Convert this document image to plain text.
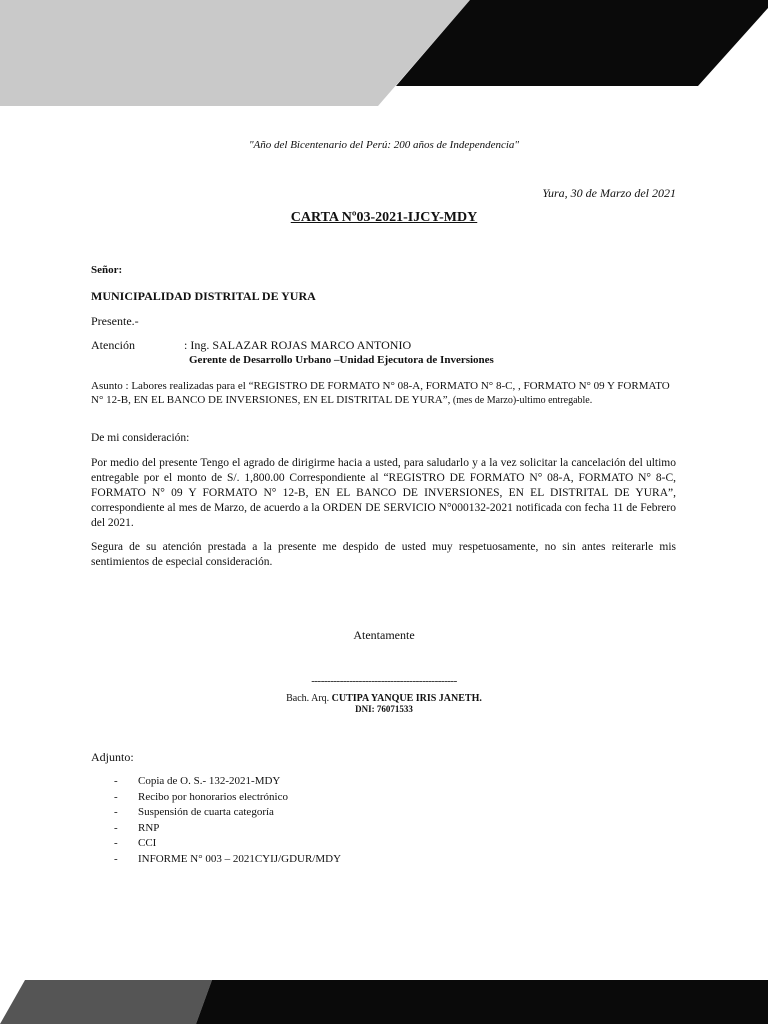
"Año del Bicentenario del Perú: 200 años de Independencia"
Yura, 30 de Marzo del 2021
CARTA Nº03-2021-IJCY-MDY
Señor:
MUNICIPALIDAD DISTRITAL DE YURA
Presente.-
Atención	: Ing. SALAZAR ROJAS MARCO ANTONIO
Gerente de Desarrollo Urbano –Unidad Ejecutora de Inversiones
Asunto : Labores realizadas para el “REGISTRO DE FORMATO N° 08-A, FORMATO N° 8-C, , FORMATO N° 09 Y FORMATO N° 12-B, EN EL BANCO DE INVERSIONES, EN EL DISTRITAL DE YURA”, (mes de Marzo)-ultimo entregable.
De mi consideración:
Por medio del presente Tengo el agrado de dirigirme hacia a usted, para saludarlo y a la vez solicitar la cancelación del ultimo entregable por el monto de S/. 1,800.00 Correspondiente al “REGISTRO DE FORMATO N° 08-A, FORMATO N° 8-C, FORMATO N° 09 Y FORMATO N° 12-B, EN EL BANCO DE INVERSIONES, EN EL DISTRITAL DE YURA”, correspondiente al mes de Marzo, de acuerdo a la ORDEN DE SERVICIO N°000132-2021 notificada con fecha 11 de Febrero del 2021.
Segura de su atención prestada a la presente me despido de usted muy respetuosamente, no sin antes reiterarle mis sentimientos de especial consideración.
Atentamente
----------------------------------------------
Bach. Arq. CUTIPA YANQUE IRIS JANETH.
DNI: 76071533
Adjunto:
- Copia de O. S.- 132-2021-MDY
- Recibo por honorarios electrónico
- Suspensión de cuarta categoría
- RNP
- CCI
- INFORME N° 003 – 2021CYIJ/GDUR/MDY
